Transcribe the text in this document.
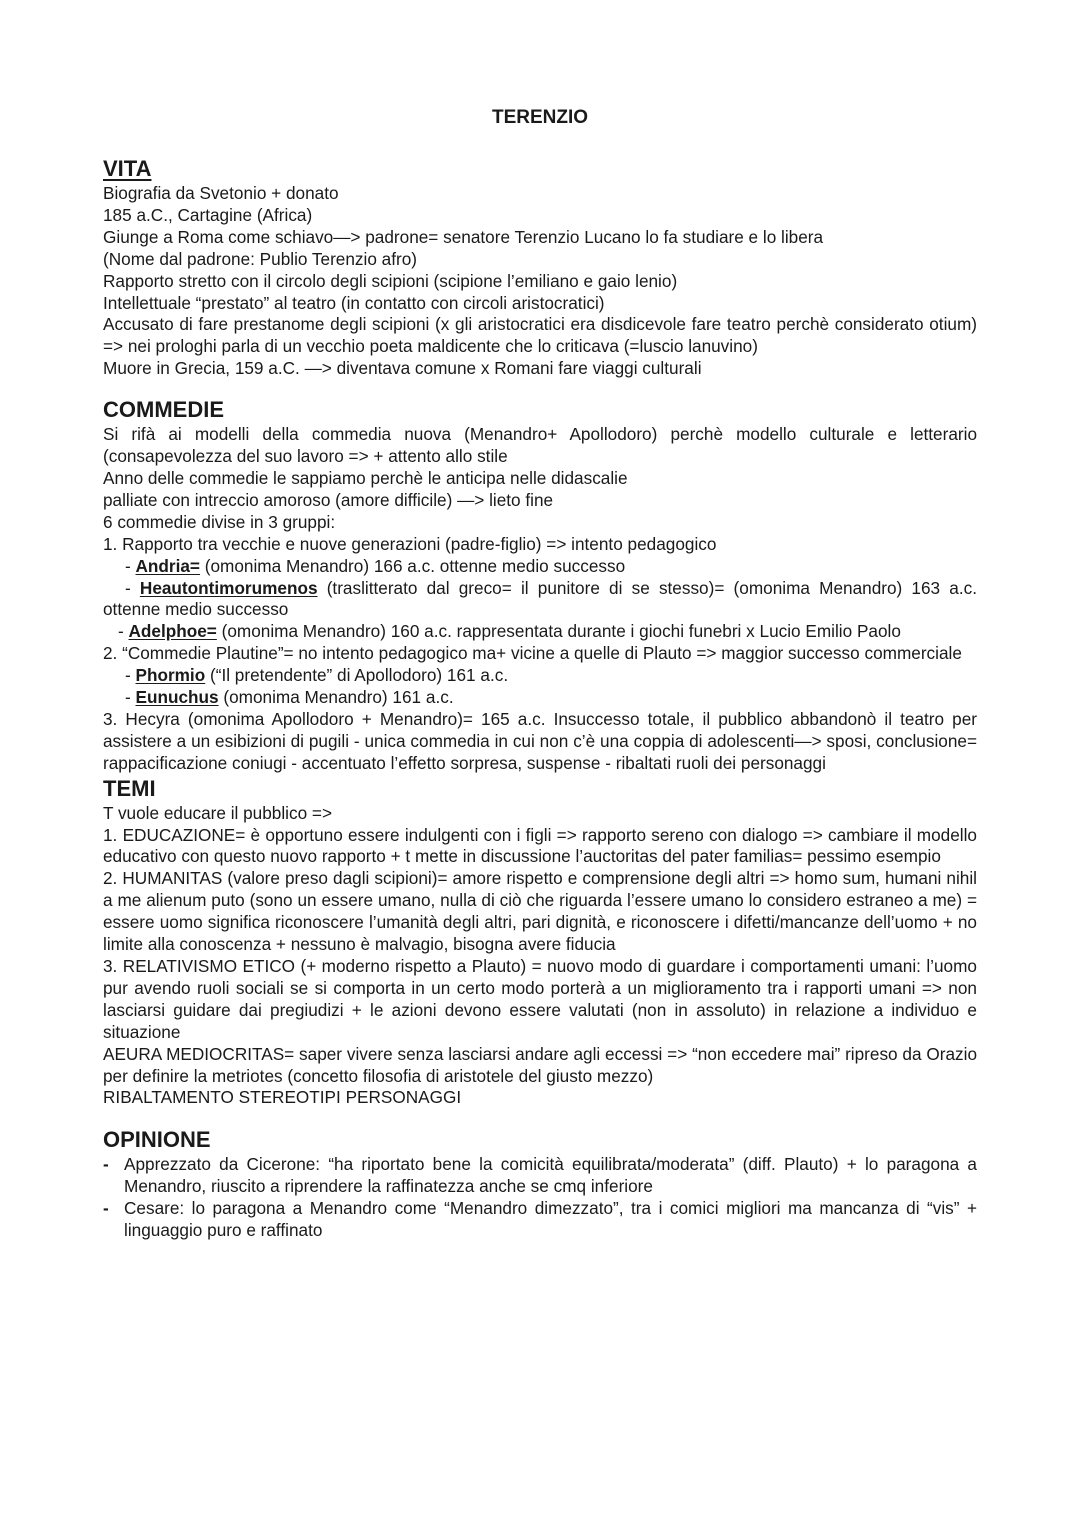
TERENZIO
VITA

Biografia da Svetonio + donato

185 a.C., Cartagine (Africa)

Giunge a Roma come schiavo—> padrone= senatore Terenzio Lucano lo fa studiare e lo libera

(Nome dal padrone: Publio Terenzio afro)

Rapporto stretto con il circolo degli scipioni (scipione l’emiliano e gaio lenio)

Intellettuale “prestato” al teatro (in contatto con circoli aristocratici)

Accusato di fare prestanome degli scipioni (x gli aristocratici era disdicevole fare teatro perchè considerato otium) => nei prologhi parla di un vecchio poeta maldicente che lo criticava (=luscio lanuvino)

Muore in Grecia, 159 a.C. —> diventava comune x Romani fare viaggi culturali

COMMEDIE

Si rifà ai modelli della commedia nuova (Menandro+ Apollodoro) perchè modello culturale e letterario (consapevolezza del suo lavoro => + attento allo stile

Anno delle commedie le sappiamo perchè le anticipa nelle didascalie

palliate con intreccio amoroso (amore difficile) —> lieto fine

6 commedie divise in 3 gruppi:

1. Rapporto tra vecchie e nuove generazioni (padre-figlio) => intento pedagogico

- Andria= (omonima Menandro) 166 a.c. ottenne medio successo

- Heautontimorumenos (traslitterato dal greco= il punitore di se stesso)= (omonima Menandro) 163 a.c. ottenne medio successo

- Adelphoe= (omonima Menandro) 160 a.c. rappresentata durante i giochi funebri x Lucio Emilio Paolo

2. “Commedie Plautine”= no intento pedagogico ma+ vicine a quelle di Plauto => maggior successo commerciale

- Phormio (“Il pretendente” di Apollodoro) 161 a.c.

- Eunuchus (omonima Menandro) 161 a.c.

3. Hecyra (omonima Apollodoro + Menandro)= 165 a.c. Insuccesso totale, il pubblico abbandonò il teatro per assistere a un esibizioni di pugili - unica commedia in cui non c’è una coppia di adolescenti—> sposi, conclusione= rappacificazione coniugi - accentuato l’effetto sorpresa, suspense - ribaltati ruoli dei personaggi

TEMI

T vuole educare il pubblico =>

1. EDUCAZIONE= è opportuno essere indulgenti con i figli => rapporto sereno con dialogo => cambiare il modello educativo con questo nuovo rapporto + t mette in discussione l’auctoritas del pater familias= pessimo esempio

2. HUMANITAS (valore preso dagli scipioni)= amore rispetto e comprensione degli altri => homo sum, humani nihil a me alienum puto (sono un essere umano, nulla di ciò che riguarda l’essere umano lo considero estraneo a me) = essere uomo significa riconoscere l’umanità degli altri, pari dignità, e riconoscere i difetti/mancanze dell’uomo + no limite alla conoscenza + nessuno è malvagio, bisogna avere fiducia

3. RELATIVISMO ETICO (+ moderno rispetto a Plauto) = nuovo modo di guardare i comportamenti umani: l’uomo pur avendo ruoli sociali se si comporta in un certo modo porterà a un miglioramento tra i rapporti umani => non lasciarsi guidare dai pregiudizi + le azioni devono essere valutati (non in assoluto) in relazione a individuo e situazione

AEURA MEDIOCRITAS= saper vivere senza lasciarsi andare agli eccessi => “non eccedere mai” ripreso da Orazio per definire la metriotes (concetto filosofia di aristotele del giusto mezzo)

RIBALTAMENTO STEREOTIPI PERSONAGGI

OPINIONE
- Apprezzato da Cicerone: “ha riportato bene la comicità equilibrata/moderata” (diff. Plauto) + lo paragona a Menandro, riuscito a riprendere la raffinatezza anche se cmq inferiore
- Cesare: lo paragona a Menandro come “Menandro dimezzato”, tra i comici migliori ma mancanza di “vis” + linguaggio puro e raffinato
